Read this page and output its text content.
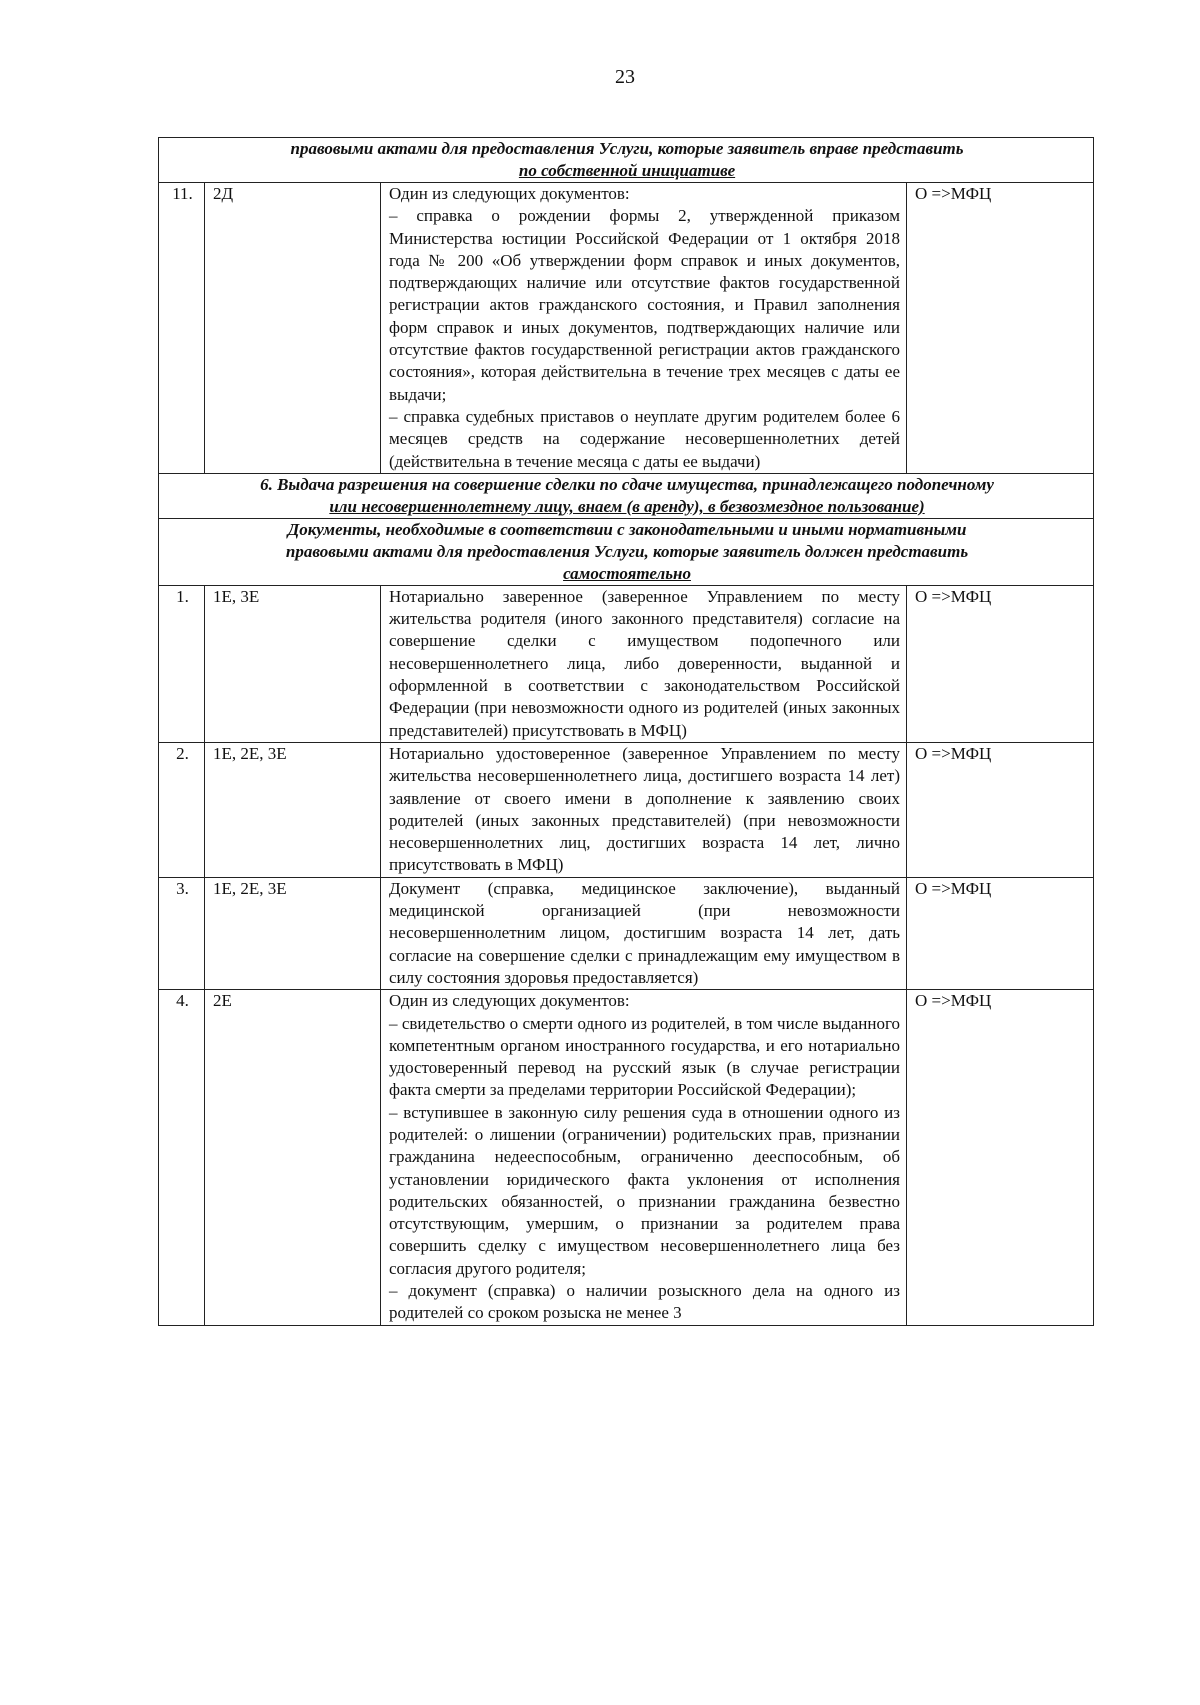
23
правовыми актами для предоставления Услуги, которые заявитель вправе представить
по собственной инициативе			

11.	2Д	Один из следующих документов:
– справка о рождении формы 2, утвержденной приказом Министерства юстиции Российской Федерации от 1 октября 2018 года № 200 «Об утверждении форм справок и иных документов, подтверждающих наличие или отсутствие фактов государственной регистрации актов гражданского состояния, и Правил заполнения форм справок и иных документов, подтверждающих наличие или отсутствие фактов государственной регистрации актов гражданского состояния», которая действительна в течение трех месяцев с даты ее выдачи;
– справка судебных приставов о неуплате другим родителем более 6 месяцев средств на содержание несовершеннолетних детей (действительна в течение месяца с даты ее выдачи)	О =>МФЦ

6. Выдача разрешения на совершение сделки по сдаче имущества, принадлежащего подопечному
или несовершеннолетнему лицу, внаем (в аренду), в безвозмездное пользование)			

Документы, необходимые в соответствии с законодательными и иными нормативными
правовыми актами для предоставления Услуги, которые заявитель должен представить
самостоятельно			

1.	1Е, 3Е	Нотариально заверенное (заверенное Управлением по месту жительства родителя (иного законного представителя) согласие на совершение сделки с имуществом подопечного или несовершеннолетнего лица, либо доверенности, выданной и оформленной в соответствии с законодательством Российской Федерации (при невозможности одного из родителей (иных законных представителей) присутствовать в МФЦ)	О =>МФЦ
2.	1Е, 2Е, 3Е	Нотариально удостоверенное (заверенное Управлением по месту жительства несовершеннолетнего лица, достигшего возраста 14 лет) заявление от своего имени в дополнение к заявлению своих родителей (иных законных представителей) (при невозможности несовершеннолетних лиц, достигших возраста 14 лет, лично присутствовать в МФЦ)	О =>МФЦ
3.	1Е, 2Е, 3Е	Документ (справка, медицинское заключение), выданный медицинской организацией (при невозможности несовершеннолетним лицом, достигшим возраста 14 лет, дать согласие на совершение сделки с принадлежащим ему имуществом в силу состояния здоровья предоставляется)	О =>МФЦ
4.	2Е	Один из следующих документов:
– свидетельство о смерти одного из родителей, в том числе выданного компетентным органом иностранного государства, и его нотариально удостоверенный перевод на русский язык (в случае регистрации факта смерти за пределами территории Российской Федерации);
– вступившее в законную силу решения суда в отношении одного из родителей: о лишении (ограничении) родительских прав, признании гражданина недееспособным, ограниченно дееспособным, об установлении юридического факта уклонения от исполнения родительских обязанностей, о признании гражданина безвестно отсутствующим, умершим, о признании за родителем права совершить сделку с имуществом несовершеннолетнего лица без согласия другого родителя;
– документ (справка) о наличии розыскного дела на одного из родителей со сроком розыска не менее 3	О =>МФЦ
